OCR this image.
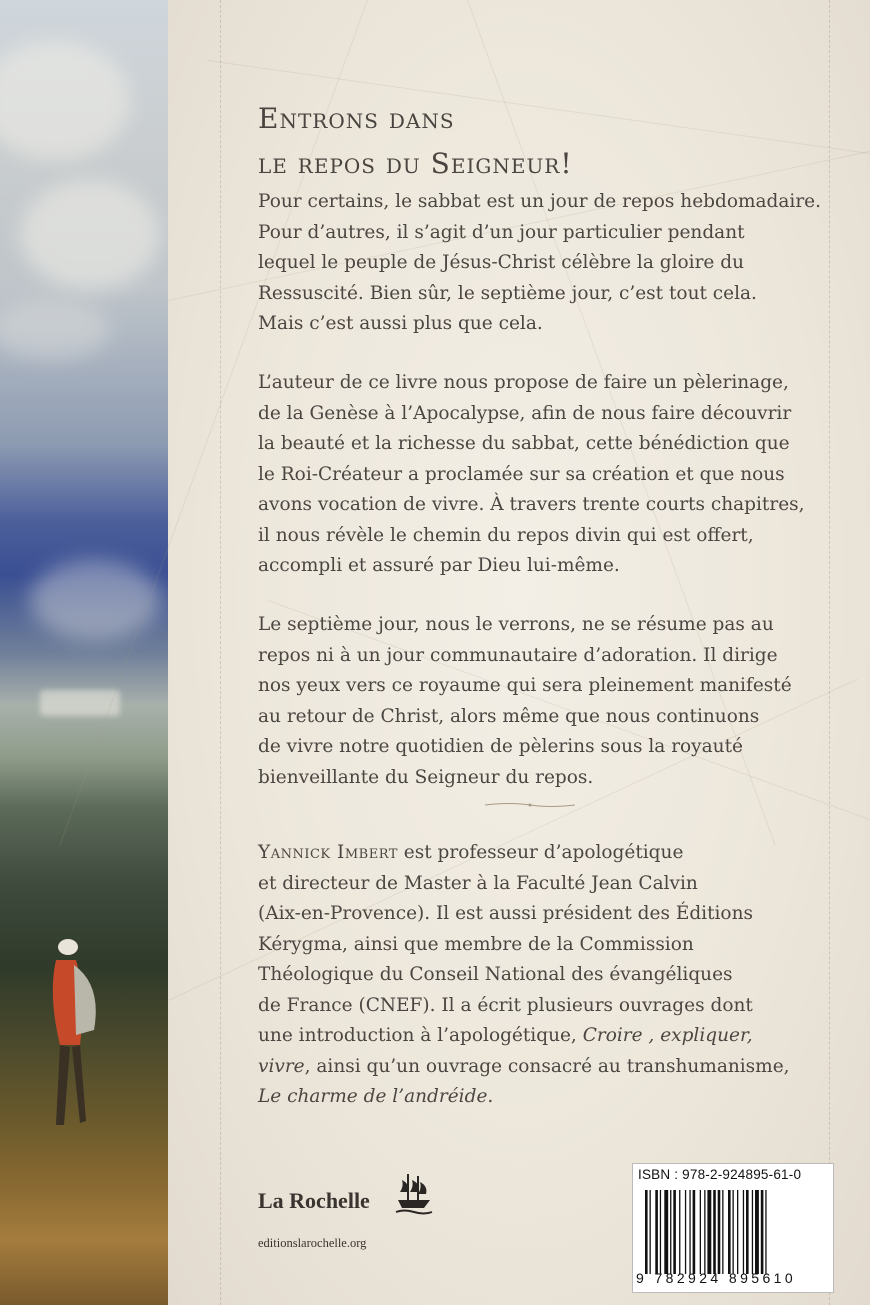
Entrons dans
le repos du Seigneur!
Pour certains, le sabbat est un jour de repos hebdomadaire.
Pour d’autres, il s’agit d’un jour particulier pendant
lequel le peuple de Jésus-Christ célèbre la gloire du
Ressuscité. Bien sûr, le septième jour, c’est tout cela.
Mais c’est aussi plus que cela.
L’auteur de ce livre nous propose de faire un pèlerinage,
de la Genèse à l’Apocalypse, afin de nous faire découvrir
la beauté et la richesse du sabbat, cette bénédiction que
le Roi-Créateur a proclamée sur sa création et que nous
avons vocation de vivre. À travers trente courts chapitres,
il nous révèle le chemin du repos divin qui est offert,
accompli et assuré par Dieu lui-même.
Le septième jour, nous le verrons, ne se résume pas au
repos ni à un jour communautaire d’adoration. Il dirige
nos yeux vers ce royaume qui sera pleinement manifesté
au retour de Christ, alors même que nous continuons
de vivre notre quotidien de pèlerins sous la royauté
bienveillante du Seigneur du repos.
Yannick Imbert est professeur d’apologétique
et directeur de Master à la Faculté Jean Calvin
(Aix-en-Provence). Il est aussi président des Éditions
Kérygma, ainsi que membre de la Commission
Théologique du Conseil National des évangéliques
de France (CNEF). Il a écrit plusieurs ouvrages dont
une introduction à l’apologétique, Croire , expliquer,
vivre, ainsi qu’un ouvrage consacré au transhumanisme,
Le charme de l’andréide.
La Rochelle
editionslarochelle.org
ISBN : 978-2-924895-61-0
9 782924 895610
